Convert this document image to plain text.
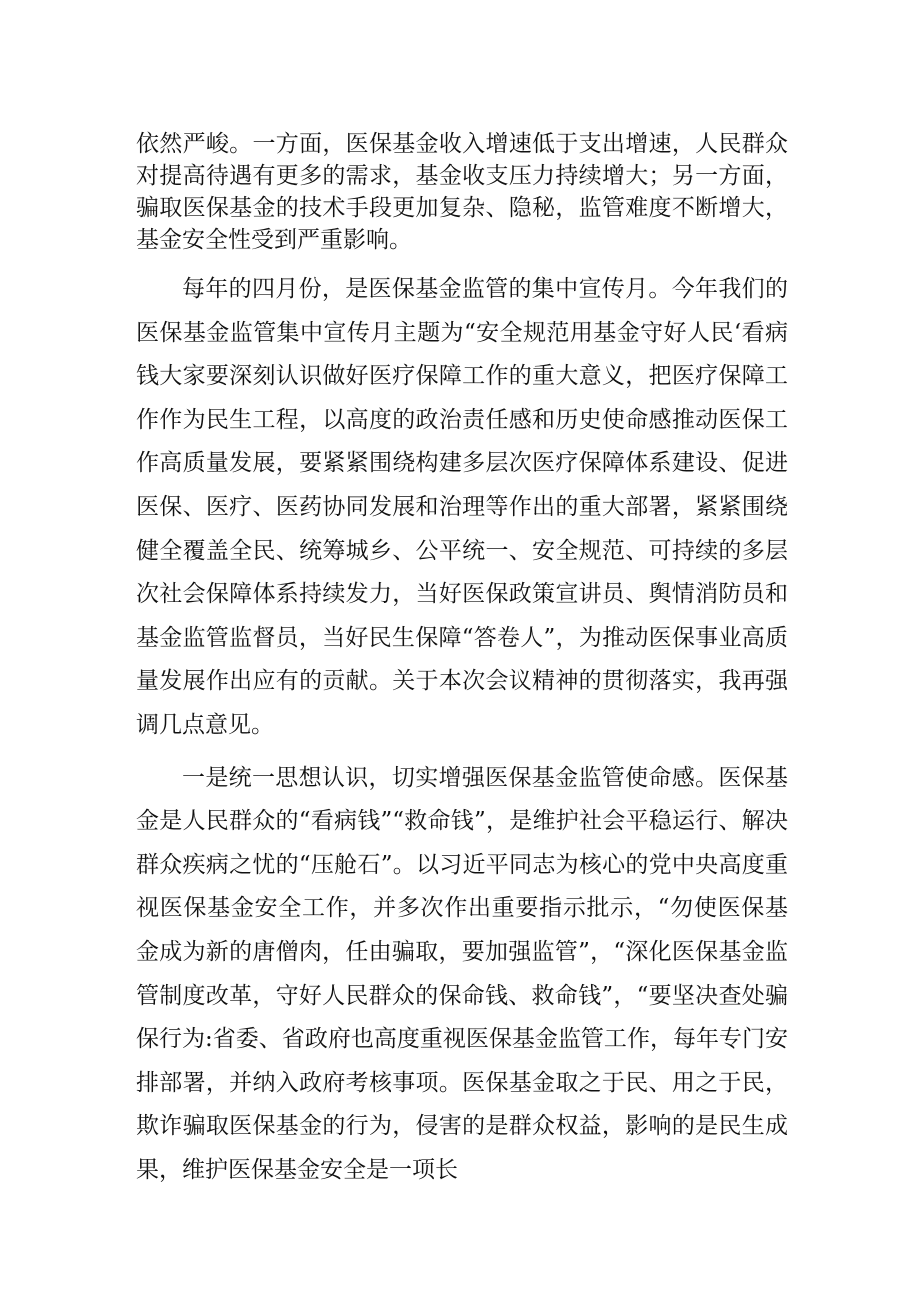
依然严峻。一方面，医保基金收入增速低于支出增速，人民群众对提高待遇有更多的需求，基金收支压力持续增大；另一方面，骗取医保基金的技术手段更加复杂、隐秘，监管难度不断增大，基金安全性受到严重影响。

每年的四月份，是医保基金监管的集中宣传月。今年我们的医保基金监管集中宣传月主题为“安全规范用基金守好人民‘看病钱大家要深刻认识做好医疗保障工作的重大意义，把医疗保障工作作为民生工程，以高度的政治责任感和历史使命感推动医保工作高质量发展，要紧紧围绕构建多层次医疗保障体系建设、促进医保、医疗、医药协同发展和治理等作出的重大部署，紧紧围绕健全覆盖全民、统筹城乡、公平统一、安全规范、可持续的多层次社会保障体系持续发力，当好医保政策宣讲员、舆情消防员和基金监管监督员，当好民生保障“答卷人”，为推动医保事业高质量发展作出应有的贡献。关于本次会议精神的贯彻落实，我再强调几点意见。

一是统一思想认识，切实增强医保基金监管使命感。医保基金是人民群众的“看病钱”“救命钱”，是维护社会平稳运行、解决群众疾病之忧的“压舱石”。以习近平同志为核心的党中央高度重视医保基金安全工作，并多次作出重要指示批示，“勿使医保基金成为新的唐僧肉，任由骗取，要加强监管”，“深化医保基金监管制度改革，守好人民群众的保命钱、救命钱”，“要坚决查处骗保行为:省委、省政府也高度重视医保基金监管工作，每年专门安排部署，并纳入政府考核事项。医保基金取之于民、用之于民，欺诈骗取医保基金的行为，侵害的是群众权益，影响的是民生成果，维护医保基金安全是一项长
